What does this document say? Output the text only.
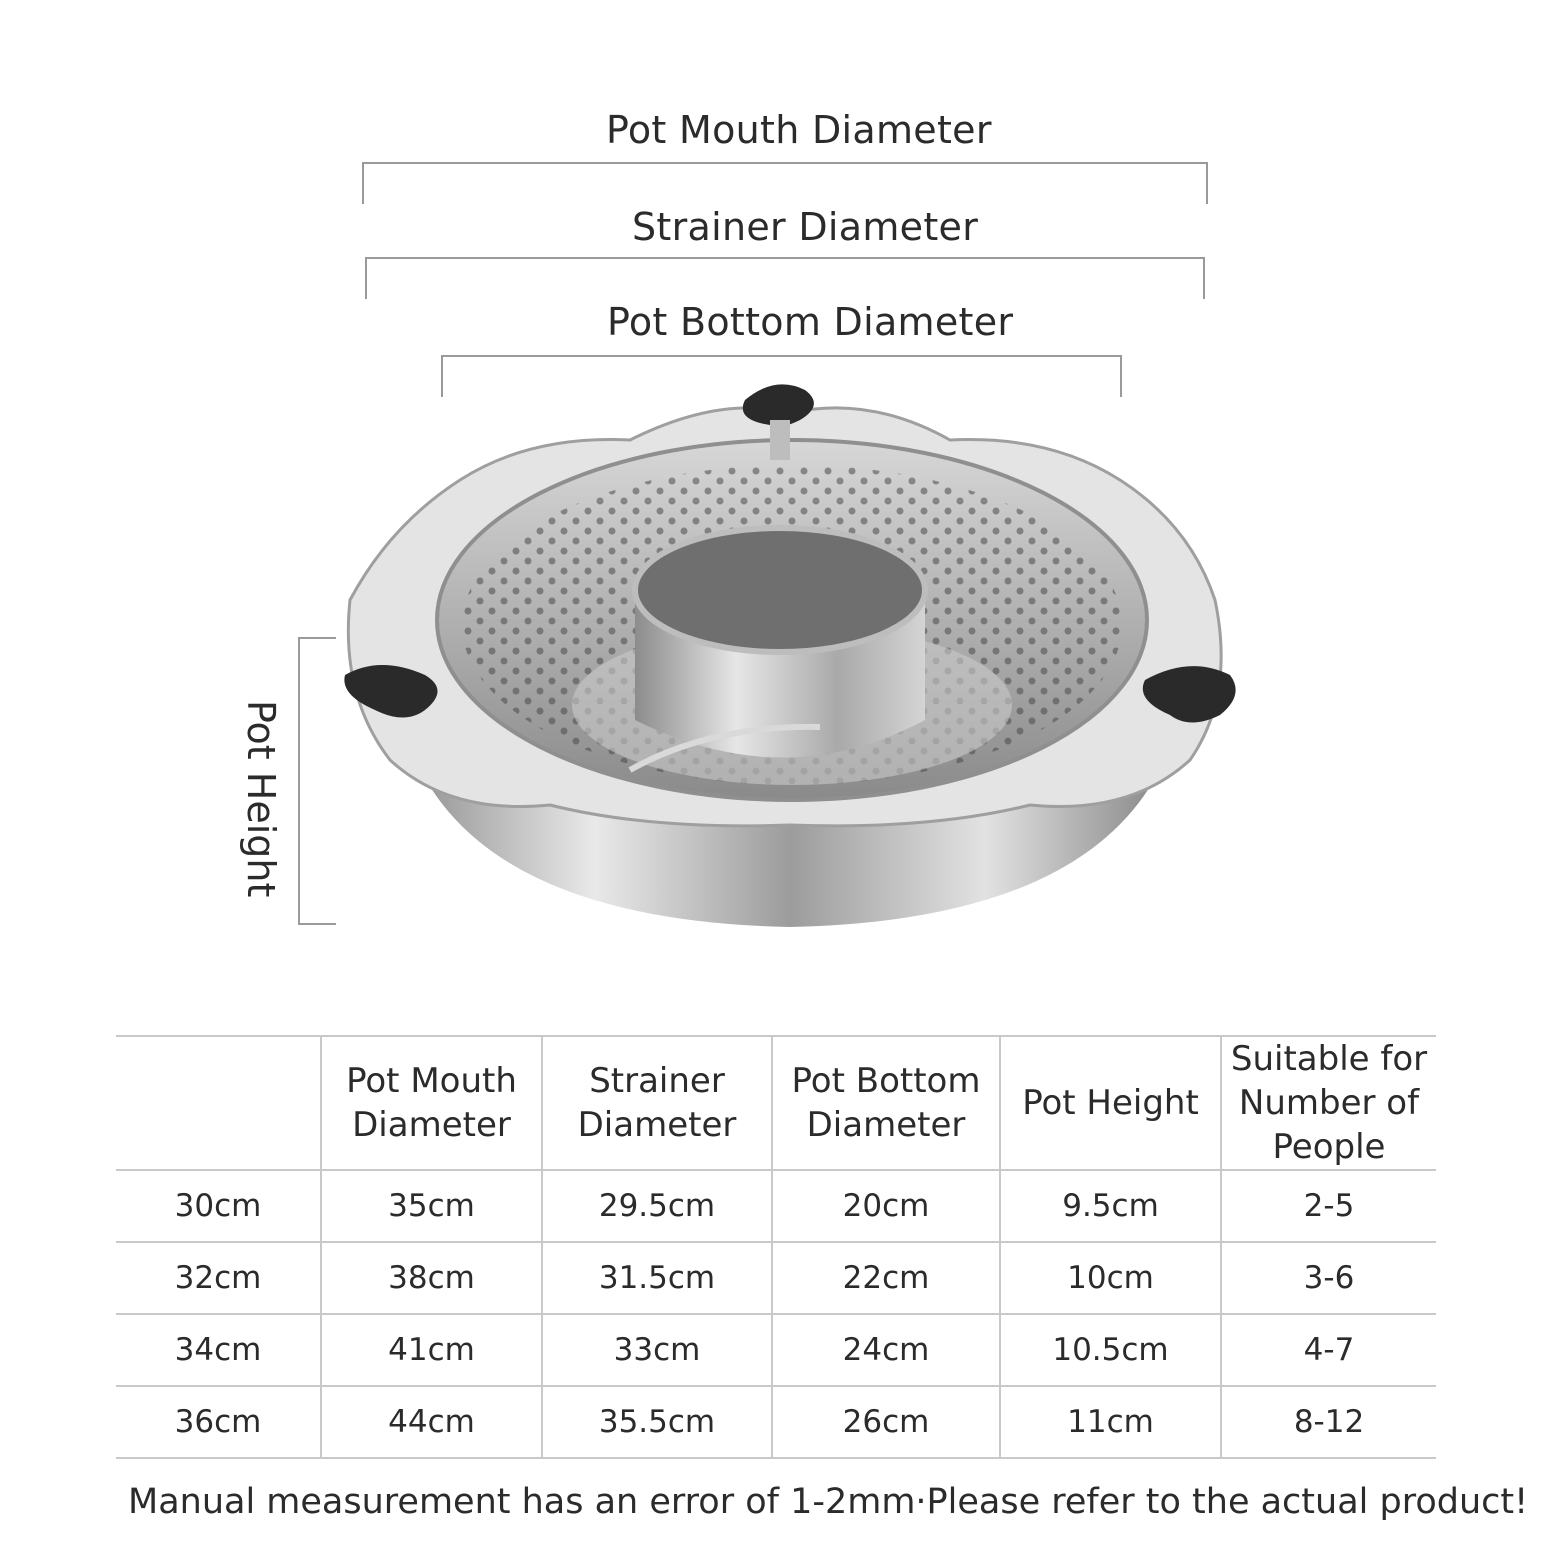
Pot Mouth Diameter
Strainer Diameter
Pot Bottom Diameter
Pot Height
	Pot Mouth Diameter	Strainer Diameter	Pot Bottom Diameter	Pot Height	Suitable for Number of People
30cm	35cm	29.5cm	20cm	9.5cm	2-5
32cm	38cm	31.5cm	22cm	10cm	3-6
34cm	41cm	33cm	24cm	10.5cm	4-7
36cm	44cm	35.5cm	26cm	11cm	8-12
Manual measurement has an error of 1-2mm·Please refer to the actual product!
